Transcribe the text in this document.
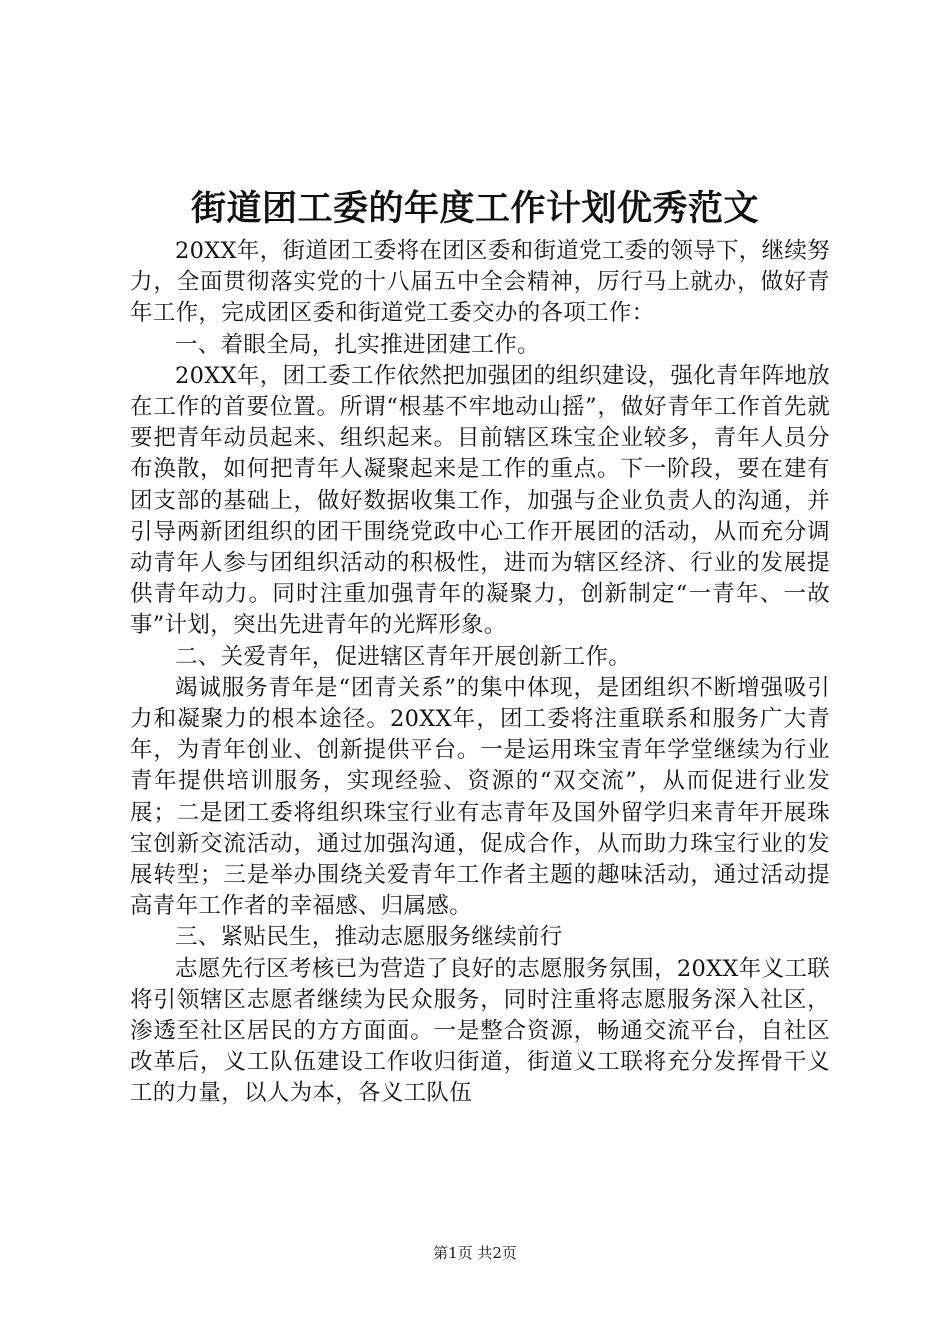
街道团工委的年度工作计划优秀范文

20XX年，街道团工委将在团区委和街道党工委的领导下，继续努力，全面贯彻落实党的十八届五中全会精神，厉行马上就办，做好青年工作，完成团区委和街道党工委交办的各项工作：

一、着眼全局，扎实推进团建工作。

20XX年，团工委工作依然把加强团的组织建设，强化青年阵地放在工作的首要位置。所谓“根基不牢地动山摇”，做好青年工作首先就要把青年动员起来、组织起来。目前辖区珠宝企业较多，青年人员分布涣散，如何把青年人凝聚起来是工作的重点。下一阶段，要在建有团支部的基础上，做好数据收集工作，加强与企业负责人的沟通，并引导两新团组织的团干围绕党政中心工作开展团的活动，从而充分调动青年人参与团组织活动的积极性，进而为辖区经济、行业的发展提供青年动力。同时注重加强青年的凝聚力，创新制定“一青年、一故事”计划，突出先进青年的光辉形象。

二、关爱青年，促进辖区青年开展创新工作。

竭诚服务青年是“团青关系”的集中体现，是团组织不断增强吸引力和凝聚力的根本途径。20XX年，团工委将注重联系和服务广大青年，为青年创业、创新提供平台。一是运用珠宝青年学堂继续为行业青年提供培训服务，实现经验、资源的“双交流”，从而促进行业发展；二是团工委将组织珠宝行业有志青年及国外留学归来青年开展珠宝创新交流活动，通过加强沟通，促成合作，从而助力珠宝行业的发展转型；三是举办围绕关爱青年工作者主题的趣味活动，通过活动提高青年工作者的幸福感、归属感。

三、紧贴民生，推动志愿服务继续前行

志愿先行区考核已为营造了良好的志愿服务氛围，20XX年义工联将引领辖区志愿者继续为民众服务，同时注重将志愿服务深入社区，渗透至社区居民的方方面面。一是整合资源，畅通交流平台，自社区改革后，义工队伍建设工作收归街道，街道义工联将充分发挥骨干义工的力量，以人为本，各义工队伍

第1页 共2页
